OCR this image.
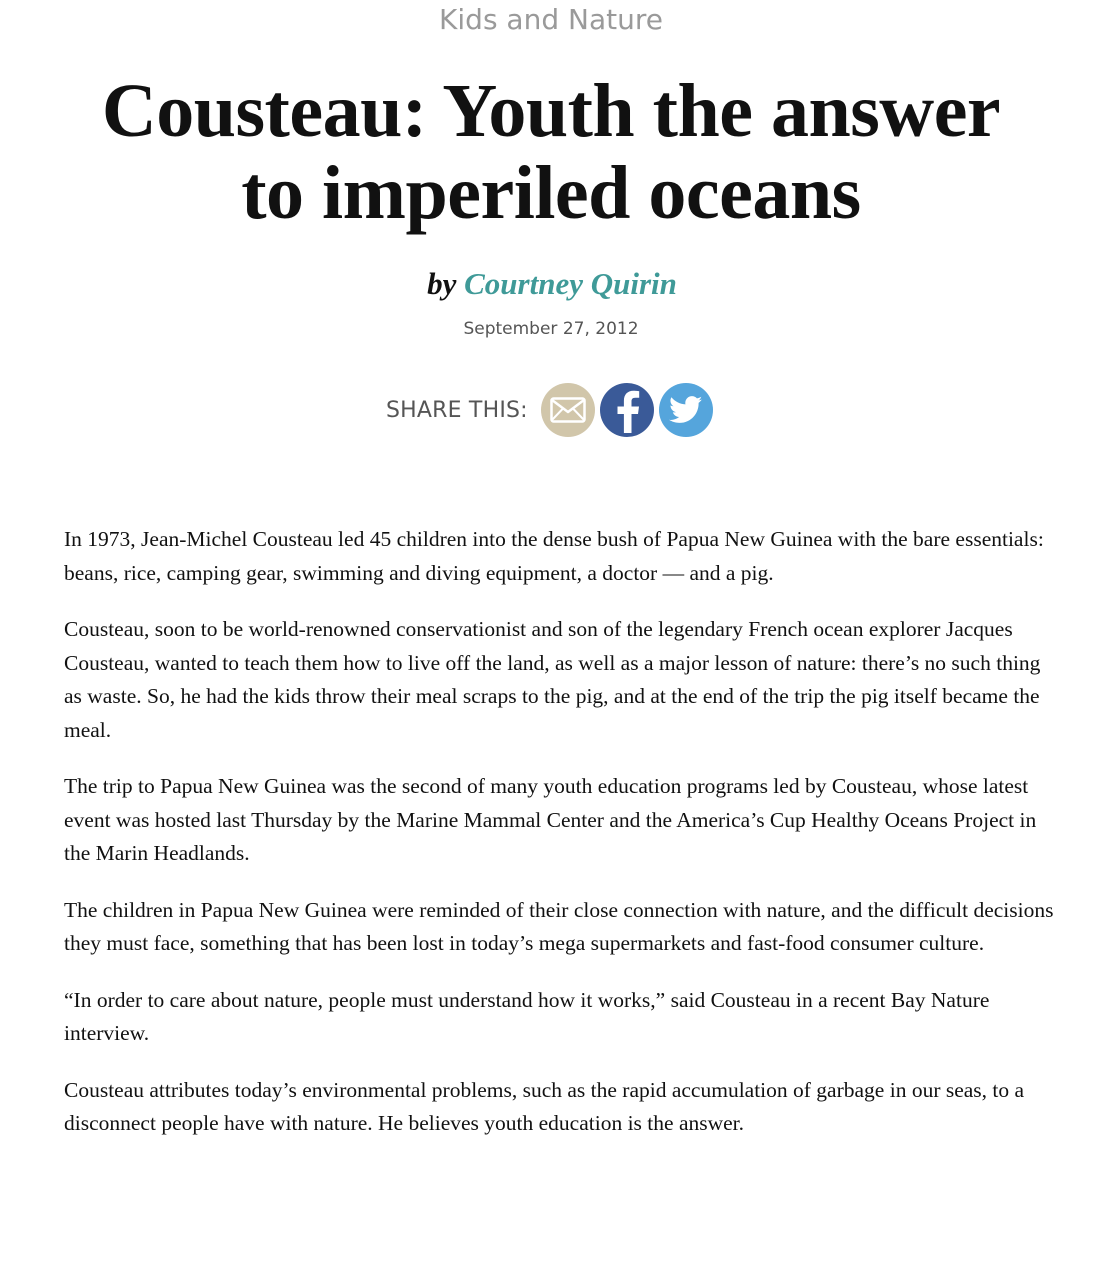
Kids and Nature
Cousteau: Youth the answer
to imperiled oceans
by Courtney Quirin
September 27, 2012
SHARE THIS:

In 1973, Jean-Michel Cousteau led 45 children into the dense bush of Papua New Guinea with the bare essentials: beans, rice, camping gear, swimming and diving equipment, a doctor — and a pig.

Cousteau, soon to be world-renowned conservationist and son of the legendary French ocean explorer Jacques Cousteau, wanted to teach them how to live off the land, as well as a major lesson of nature: there’s no such thing as waste. So, he had the kids throw their meal scraps to the pig, and at the end of the trip the pig itself became the meal.

The trip to Papua New Guinea was the second of many youth education programs led by Cousteau, whose latest event was hosted last Thursday by the Marine Mammal Center and the America’s Cup Healthy Oceans Project in the Marin Headlands.

The children in Papua New Guinea were reminded of their close connection with nature, and the difficult decisions they must face, something that has been lost in today’s mega supermarkets and fast-food consumer culture.

“In order to care about nature, people must understand how it works,” said Cousteau in a recent Bay Nature interview.

Cousteau attributes today’s environmental problems, such as the rapid accumulation of garbage in our seas, to a disconnect people have with nature. He believes youth education is the answer.
